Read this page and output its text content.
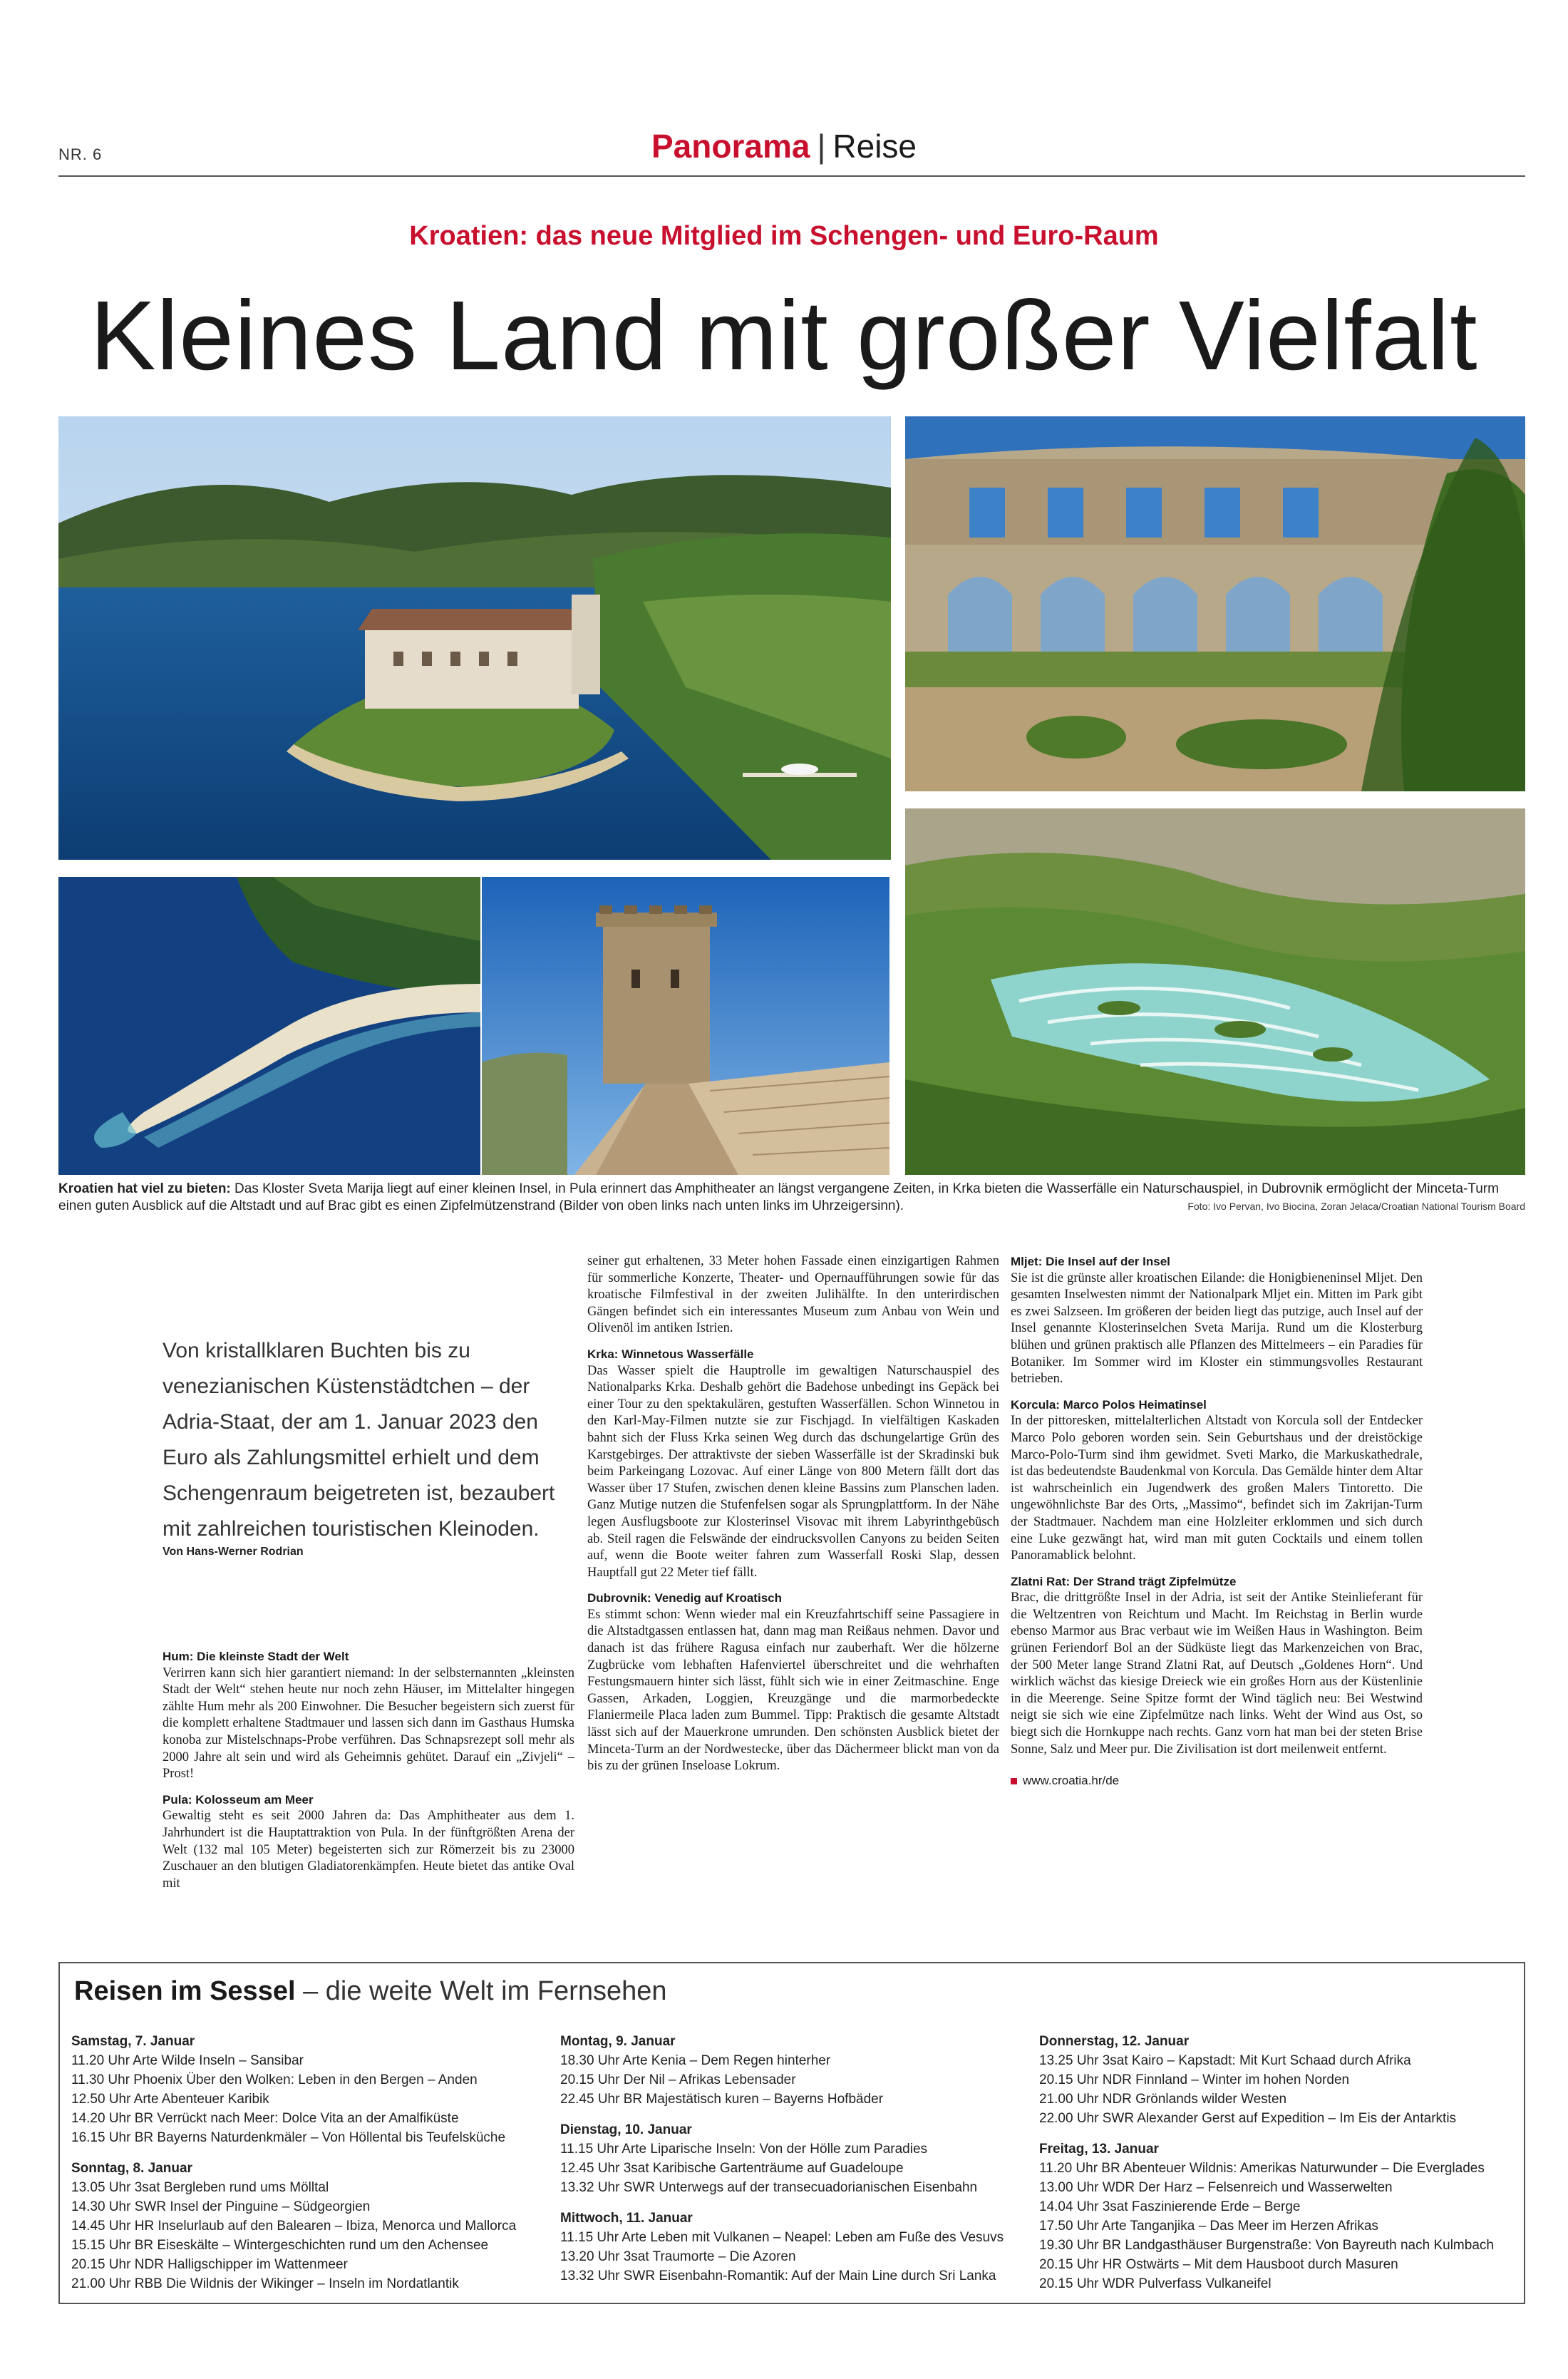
NR. 6	Panorama | Reise
Kroatien: das neue Mitglied im Schengen- und Euro-Raum
Kleines Land mit großer Vielfalt
Kroatien hat viel zu bieten: Das Kloster Sveta Marija liegt auf einer kleinen Insel, in Pula erinnert das Amphitheater an längst vergangene Zeiten, in Krka bieten die Wasserfälle ein Naturschauspiel, in Dubrovnik ermöglicht der Minceta-Turm einen guten Ausblick auf die Altstadt und auf Brac gibt es einen Zipfelmützenstrand (Bilder von oben links nach unten links im Uhrzeigersinn).	Foto: Ivo Pervan, Ivo Biocina, Zoran Jelaca/Croatian National Tourism Board
Von kristallklaren Buchten bis zu venezianischen Küstenstädtchen – der Adria-Staat, der am 1. Januar 2023 den Euro als Zahlungsmittel erhielt und dem Schengenraum beigetreten ist, bezaubert mit zahlreichen touristischen Kleinoden.
Von Hans-Werner Rodrian
Hum: Die kleinste Stadt der Welt

Verirren kann sich hier garantiert niemand: In der selbsternannten „kleinsten Stadt der Welt“ stehen heute nur noch zehn Häuser, im Mittelalter hingegen zählte Hum mehr als 200 Einwohner. Die Besucher begeistern sich zuerst für die komplett erhaltene Stadtmauer und lassen sich dann im Gasthaus Humska konoba zur Mistelschnaps-Probe verführen. Das Schnapsrezept soll mehr als 2000 Jahre alt sein und wird als Geheimnis gehütet. Darauf ein „Zivjeli“ – Prost!

Pula: Kolosseum am Meer

Gewaltig steht es seit 2000 Jahren da: Das Amphitheater aus dem 1. Jahrhundert ist die Hauptattraktion von Pula. In der fünftgrößten Arena der Welt (132 mal 105 Meter) begeisterten sich zur Römerzeit bis zu 23000 Zuschauer an den blutigen Gladiatorenkämpfen. Heute bietet das antike Oval mit

seiner gut erhaltenen, 33 Meter hohen Fassade einen einzigartigen Rahmen für sommerliche Konzerte, Theater- und Opernaufführungen sowie für das kroatische Filmfestival in der zweiten Julihälfte. In den unterirdischen Gängen befindet sich ein interessantes Museum zum Anbau von Wein und Olivenöl im antiken Istrien.

Krka: Winnetous Wasserfälle

Das Wasser spielt die Hauptrolle im gewaltigen Naturschauspiel des Nationalparks Krka. Deshalb gehört die Badehose unbedingt ins Gepäck bei einer Tour zu den spektakulären, gestuften Wasserfällen. Schon Winnetou in den Karl-May-Filmen nutzte sie zur Fischjagd. In vielfältigen Kaskaden bahnt sich der Fluss Krka seinen Weg durch das dschungelartige Grün des Karstgebirges. Der attraktivste der sieben Wasserfälle ist der Skradinski buk beim Parkeingang Lozovac. Auf einer Länge von 800 Metern fällt dort das Wasser über 17 Stufen, zwischen denen kleine Bassins zum Planschen laden. Ganz Mutige nutzen die Stufenfelsen sogar als Sprungplattform. In der Nähe legen Ausflugsboote zur Klosterinsel Visovac mit ihrem Labyrinthgebüsch ab. Steil ragen die Felswände der eindrucksvollen Canyons zu beiden Seiten auf, wenn die Boote weiter fahren zum Wasserfall Roski Slap, dessen Hauptfall gut 22 Meter tief fällt.

Dubrovnik: Venedig auf Kroatisch

Es stimmt schon: Wenn wieder mal ein Kreuzfahrtschiff seine Passagiere in die Altstadtgassen entlassen hat, dann mag man Reißaus nehmen. Davor und danach ist das frühere Ragusa einfach nur zauberhaft. Wer die hölzerne Zugbrücke vom lebhaften Hafenviertel überschreitet und die wehrhaften Festungsmauern hinter sich lässt, fühlt sich wie in einer Zeitmaschine. Enge Gassen, Arkaden, Loggien, Kreuzgänge und die marmorbedeckte Flaniermeile Placa laden zum Bummel. Tipp: Praktisch die gesamte Altstadt lässt sich auf der Mauerkrone umrunden. Den schönsten Ausblick bietet der Minceta-Turm an der Nordwestecke, über das Dächermeer blickt man von da bis zu der grünen Inseloase Lokrum.

Mljet: Die Insel auf der Insel

Sie ist die grünste aller kroatischen Eilande: die Honigbieneninsel Mljet. Den gesamten Inselwesten nimmt der Nationalpark Mljet ein. Mitten im Park gibt es zwei Salzseen. Im größeren der beiden liegt das putzige, auch Insel auf der Insel genannte Klosterinselchen Sveta Marija. Rund um die Klosterburg blühen und grünen praktisch alle Pflanzen des Mittelmeers – ein Paradies für Botaniker. Im Sommer wird im Kloster ein stimmungsvolles Restaurant betrieben.

Korcula: Marco Polos Heimatinsel

In der pittoresken, mittelalterlichen Altstadt von Korcula soll der Entdecker Marco Polo geboren worden sein. Sein Geburtshaus und der dreistöckige Marco-Polo-Turm sind ihm gewidmet. Sveti Marko, die Markuskathedrale, ist das bedeutendste Baudenkmal von Korcula. Das Gemälde hinter dem Altar ist wahrscheinlich ein Jugendwerk des großen Malers Tintoretto. Die ungewöhnlichste Bar des Orts, „Massimo“, befindet sich im Zakrijan-Turm der Stadtmauer. Nachdem man eine Holzleiter erklommen und sich durch eine Luke gezwängt hat, wird man mit guten Cocktails und einem tollen Panoramablick belohnt.

Zlatni Rat: Der Strand trägt Zipfelmütze

Brac, die drittgrößte Insel in der Adria, ist seit der Antike Steinlieferant für die Weltzentren von Reichtum und Macht. Im Reichstag in Berlin wurde ebenso Marmor aus Brac verbaut wie im Weißen Haus in Washington. Beim grünen Feriendorf Bol an der Südküste liegt das Markenzeichen von Brac, der 500 Meter lange Strand Zlatni Rat, auf Deutsch „Goldenes Horn“. Und wirklich wächst das kiesige Dreieck wie ein großes Horn aus der Küstenlinie in die Meerenge. Seine Spitze formt der Wind täglich neu: Bei Westwind neigt sie sich wie eine Zipfelmütze nach links. Weht der Wind aus Ost, so biegt sich die Hornkuppe nach rechts. Ganz vorn hat man bei der steten Brise Sonne, Salz und Meer pur. Die Zivilisation ist dort meilenweit entfernt.

www.croatia.hr/de
Reisen im Sessel – die weite Welt im Fernsehen
Samstag, 7. Januar
11.20 Uhr Arte Wilde Inseln – Sansibar
11.30 Uhr Phoenix Über den Wolken: Leben in den Bergen – Anden
12.50 Uhr Arte Abenteuer Karibik
14.20 Uhr BR Verrückt nach Meer: Dolce Vita an der Amalfiküste
16.15 Uhr BR Bayerns Naturdenkmäler – Von Höllental bis Teufelsküche
Sonntag, 8. Januar
13.05 Uhr 3sat Bergleben rund ums Mölltal
14.30 Uhr SWR Insel der Pinguine – Südgeorgien
14.45 Uhr HR Inselurlaub auf den Balearen – Ibiza, Menorca und Mallorca
15.15 Uhr BR Eiseskälte – Wintergeschichten rund um den Achensee
20.15 Uhr NDR Halligschipper im Wattenmeer
21.00 Uhr RBB Die Wildnis der Wikinger – Inseln im Nordatlantik
Montag, 9. Januar
18.30 Uhr Arte Kenia – Dem Regen hinterher
20.15 Uhr Der Nil – Afrikas Lebensader
22.45 Uhr BR Majestätisch kuren – Bayerns Hofbäder
Dienstag, 10. Januar
11.15 Uhr Arte Liparische Inseln: Von der Hölle zum Paradies
12.45 Uhr 3sat Karibische Gartenträume auf Guadeloupe
13.32 Uhr SWR Unterwegs auf der transecuadorianischen Eisenbahn
Mittwoch, 11. Januar
11.15 Uhr Arte Leben mit Vulkanen – Neapel: Leben am Fuße des Vesuvs
13.20 Uhr 3sat Traumorte – Die Azoren
13.32 Uhr SWR Eisenbahn-Romantik: Auf der Main Line durch Sri Lanka
Donnerstag, 12. Januar
13.25 Uhr 3sat Kairo – Kapstadt: Mit Kurt Schaad durch Afrika
20.15 Uhr NDR Finnland – Winter im hohen Norden
21.00 Uhr NDR Grönlands wilder Westen
22.00 Uhr SWR Alexander Gerst auf Expedition – Im Eis der Antarktis
Freitag, 13. Januar
11.20 Uhr BR Abenteuer Wildnis: Amerikas Naturwunder – Die Everglades
13.00 Uhr WDR Der Harz – Felsenreich und Wasserwelten
14.04 Uhr 3sat Faszinierende Erde – Berge
17.50 Uhr Arte Tanganjika – Das Meer im Herzen Afrikas
19.30 Uhr BR Landgasthäuser Burgenstraße: Von Bayreuth nach Kulmbach
20.15 Uhr HR Ostwärts – Mit dem Hausboot durch Masuren
20.15 Uhr WDR Pulverfass Vulkaneifel
